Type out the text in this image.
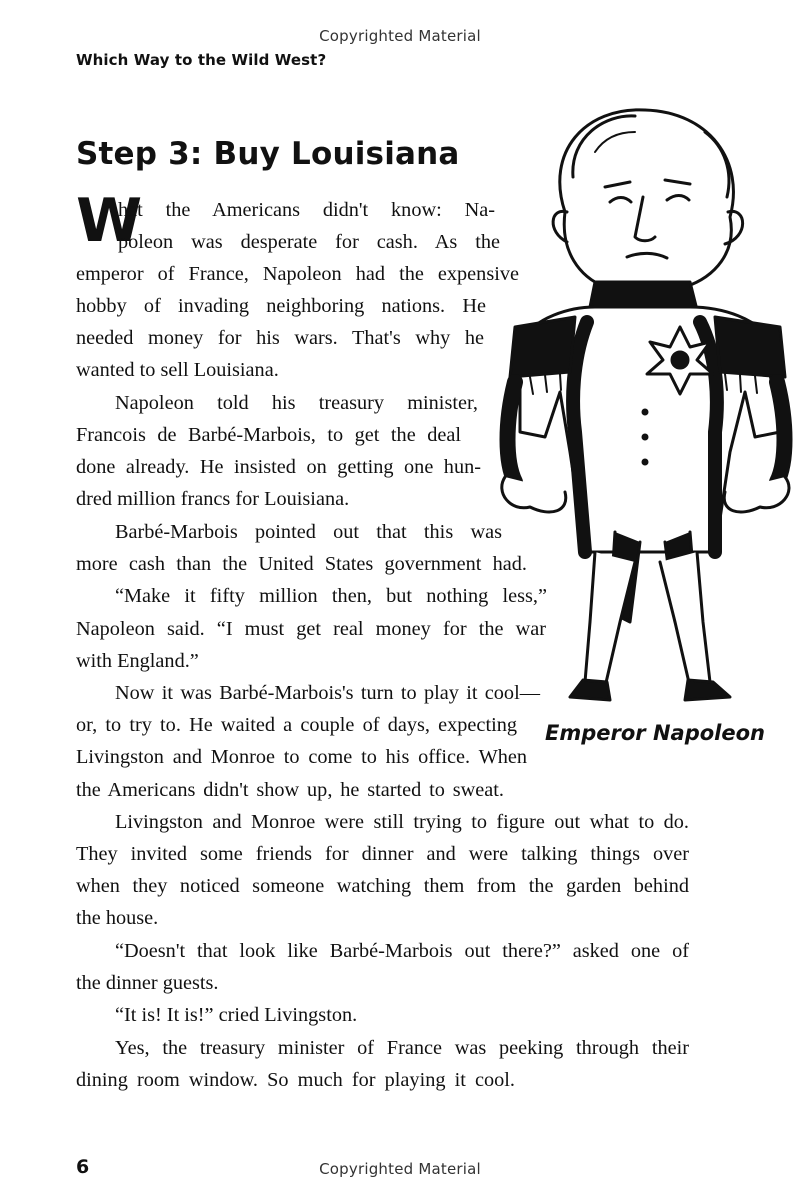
Copyrighted Material
Which Way to the Wild West?
Step 3: Buy Louisiana
W
hat the Americans didn't know: Na-
poleon was desperate for cash. As the
emperor of France, Napoleon had the expensive
hobby of invading neighboring nations. He
needed money for his wars. That's why he
wanted to sell Louisiana.
Napoleon told his treasury minister,
Francois de Barbé-Marbois, to get the deal
done already. He insisted on getting one hun-
dred million francs for Louisiana.
Barbé-Marbois pointed out that this was
more cash than the United States government had.
“Make it fifty million then, but nothing less,”
Napoleon said. “I must get real money for the war
with England.”
Now it was Barbé-Marbois's turn to play it cool—
or, to try to. He waited a couple of days, expecting
Livingston and Monroe to come to his office. When
the Americans didn't show up, he started to sweat.
Livingston and Monroe were still trying to figure out what to do.
They invited some friends for dinner and were talking things over
when they noticed someone watching them from the garden behind
the house.
“Doesn't that look like Barbé-Marbois out there?” asked one of
the dinner guests.
“It is! It is!” cried Livingston.
Yes, the treasury minister of France was peeking through their
dining room window. So much for playing it cool.
Emperor Napoleon
6	Copyrighted Material
